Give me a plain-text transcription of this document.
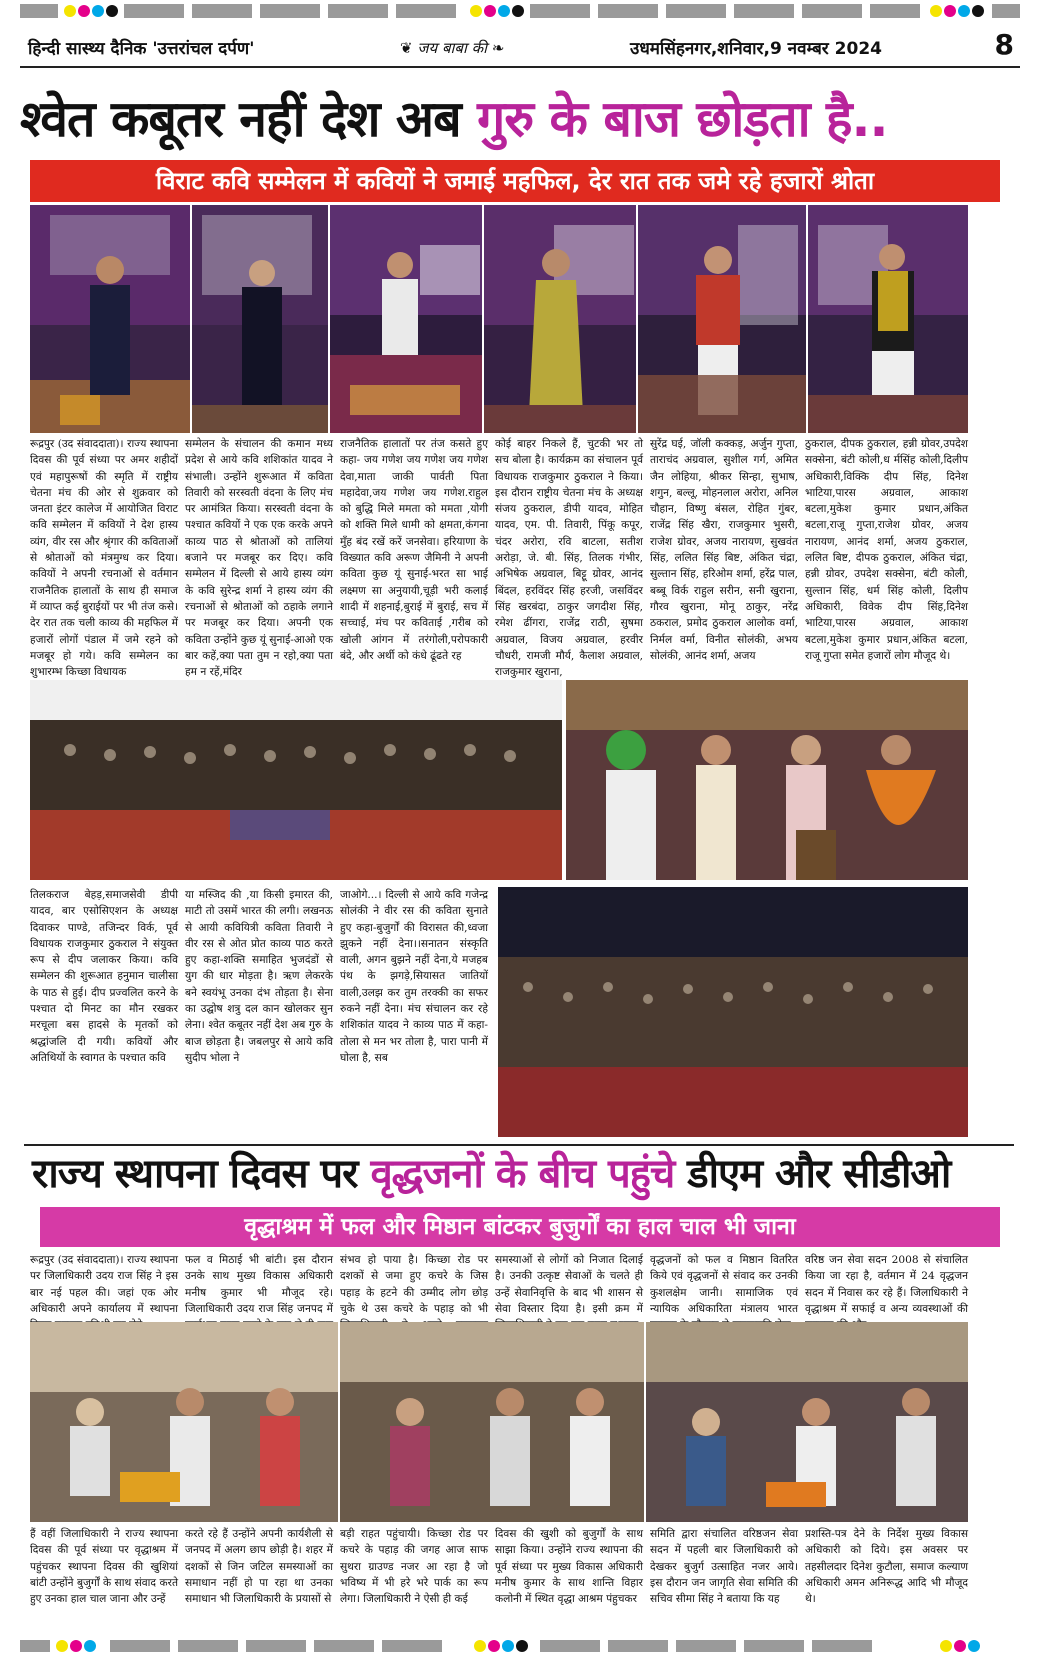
हिन्दी सास्थ्य दैनिक 'उत्तरांचल दर्पण'	❦ जय बाबा की ❧	उधमसिंहनगर,शनिवार,9 नवम्बर 2024	8
श्वेत कबूतर नहीं देश अब गुरु के बाज छोड़ता है..
विराट कवि सम्मेलन में कवियों ने जमाई महफिल, देर रात तक जमे रहे हजारों श्रोता
रूद्रपुर (उद संवाददाता)। राज्य स्थापना दिवस की पूर्व संध्या पर अमर शहीदों एवं महापुरूषों की स्मृति में राष्ट्रीय चेतना मंच की ओर से शुक्रवार को जनता इंटर कालेज में आयोजित विराट कवि सम्मेलन में कवियों ने देश हास्य व्यंग, वीर रस और श्रृंगार की कविताओं से श्रोताओं को मंत्रमुग्ध कर दिया। कवियों ने अपनी रचनाओं से वर्तमान राजनैतिक हालातों के साथ ही समाज में व्याप्त कई बुराईयों पर भी तंज कसे। देर रात तक चली काव्य की महफिल में हजारों लोगों पंडाल में जमे रहने को मजबूर हो गये। कवि सम्मेलन का शुभारम्भ किच्छा विधायक
सम्मेलन के संचालन की कमान मध्य प्रदेश से आये कवि शशिकांत यादव ने संभाली। उन्होंने शुरूआत में कविता तिवारी को सरस्वती वंदना के लिए मंच पर आमंत्रित किया। सरस्वती वंदना के पश्चात कवियों ने एक एक करके अपने काव्य पाठ से श्रोताओं को तालियां बजाने पर मजबूर कर दिए। कवि सम्मेलन में दिल्ली से आये हास्य व्यंग के कवि सुरेन्द्र शर्मा ने हास्य व्यंग की रचनाओं से श्रोताओं को ठहाके लगाने पर मजबूर कर दिया। अपनी एक कविता उन्होंने कुछ यूं सुनाई-आओ एक बार कहें,क्या पता तुम न रहो,क्या पता हम न रहें,मंदिर
राजनैतिक हालातों पर तंज कसते हुए कहा- जय गणेश जय गणेश जय गणेश देवा,माता जाकी पार्वती पिता महादेवा,जय गणेश जय गणेश.राहुल को बुद्धि मिले ममता को ममता ,योगी को शक्ति मिले धामी को क्षमता,कंगना मुँह बंद रखें करें जनसेवा। हरियाणा के विख्यात कवि अरूण जैमिनी ने अपनी कविता कुछ यूं सुनाई-भरत सा भाई लक्ष्मण सा अनुयायी,चूड़ी भरी कलाई शादी में शहनाई,बुराई में बुराई, सच में सच्चाई, मंच पर कविताई ,गरीब को खोली आंगन में तरंगोली,परोपकारी बंदे, और अर्थी को कंधे ढूंढते रह
कोई बाहर निकले हैं, चुटकी भर तो सच बोला है। कार्यक्रम का संचालन पूर्व विधायक राजकुमार ठुकराल ने किया। इस दौरान राष्ट्रीय चेतना मंच के अध्यक्ष संजय ठुकराल, डीपी यादव, मोहित यादव, एम. पी. तिवारी, पिंकू कपूर, चंदर अरोरा, रवि बाटला, सतीश अरोड़ा, जे. बी. सिंह, तिलक गंभीर, अभिषेक अग्रवाल, बिट्टू ग्रोवर, आनंद बिंदल, हरविंदर सिंह हरजी, जसविंदर सिंह खरबंदा, ठाकुर जगदीश सिंह, रमेश ढींगरा, राजेंद्र राठी, सुषमा अग्रवाल, विजय अग्रवाल, हरवीर चौधरी, रामजी मौर्य, कैलाश अग्रवाल, राजकुमार खुराना,
सुरेंद्र घई, जॉली कक्कड़, अर्जुन गुप्ता, ताराचंद अग्रवाल, सुशील गर्ग, अमित जैन लोहिया, श्रीकर सिन्हा, सुभाष, शगुन, बल्लू, मोहनलाल अरोरा, अनिल चौहान, विष्णु बंसल, रोहित गुंबर, राजेंद्र सिंह खैरा, राजकुमार भुसरी, राजेश ग्रोवर, अजय नारायण, सुखवंत सिंह, ललित सिंह बिष्ट, अंकित चंद्रा, सुल्तान सिंह, हरिओम शर्मा, हरेंद्र पाल, बब्बू विर्क राहुल सरीन, सनी खुराना, गौरव खुराना, मोनू ठाकुर, नरेंद्र ठकराल, प्रमोद ठुकराल आलोक वर्मा, निर्मल वर्मा, विनीत सोलंकी, अभय सोलंकी, आनंद शर्मा, अजय
ठुकराल, दीपक ठुकराल, हन्नी ग्रोवर,उपदेश सक्सेना, बंटी कोली,ध र्मसिंह कोली,दिलीप अधिकारी,विक्कि दीप सिंह, दिनेश भाटिया,पारस अग्रवाल, आकाश बटला,मुकेश कुमार प्रधान,अंकित बटला,राजू गुप्ता,राजेश ग्रोवर, अजय नारायण, आनंद शर्मा, अजय ठुकराल, ललित बिष्ट, दीपक ठुकराल, अंकित चंद्रा, हन्नी ग्रोवर, उपदेश सक्सेना, बंटी कोली, सुल्तान सिंह, धर्म सिंह कोली, दिलीप अधिकारी, विवेक दीप सिंह,दिनेश भाटिया,पारस अग्रवाल, आकाश बटला,मुकेश कुमार प्रधान,अंकित बटला, राजू गुप्ता समेत हजारों लोग मौजूद थे।
तिलकराज बेहड़,समाजसेवी डीपी यादव, बार एसोसिएशन के अध्यक्ष दिवाकर पाण्डे, तजिन्दर विर्क, पूर्व विधायक राजकुमार ठुकराल ने संयुक्त रूप से दीप जलाकर किया। कवि सम्मेलन की शुरूआत हनुमान चालीसा के पाठ से हुई। दीप प्रज्वलित करने के पश्चात दो मिनट का मौन रखकर मरचूला बस हादसे के मृतकों को श्रद्धांजलि दी गयी। कवियों और अतिथियों के स्वागत के पश्चात कवि
या मस्जिद की ,या किसी इमारत की, माटी तो उसमें भारत की लगी। लखनऊ से आयी कवियित्री कविता तिवारी ने वीर रस से ओत प्रोत काव्य पाठ करते हुए कहा-शक्ति समाहित भुजदंडों से युग की धार मोड़ता है। ऋण लेकरके बने स्वयंभू उनका दंभ तोड़ता है। सेना का उद्घोष शत्रु दल कान खोलकर सुन लेना। श्वेत कबूतर नहीं देश अब गुरु के बाज छोड़ता है। जबलपुर से आये कवि सुदीप भोला ने
जाओगे...। दिल्ली से आये कवि गजेन्द्र सोलंकी ने वीर रस की कविता सुनाते हुए कहा-बुजुर्गों की विरासत की,ध्वजा झुकने नहीं देना।।सनातन संस्कृति वाली, अगन बुझने नहीं देना,ये मजहब पंथ के झगड़े,सियासत जातियों वाली,उलझ कर तुम तरक्की का सफर रुकने नहीं देना। मंच संचालन कर रहे शशिकांत यादव ने काव्य पाठ में कहा-तोला से मन भर तोला है, पारा पानी में घोला है, सब
राज्य स्थापना दिवस पर वृद्धजनों के बीच पहुंचे डीएम और सीडीओ
वृद्धाश्रम में फल और मिष्ठान बांटकर बुजुर्गों का हाल चाल भी जाना
रूद्रपुर (उद संवाददाता)। राज्य स्थापना पर जिलाधिकारी उदय राज सिंह ने इस बार नई पहल की। जहां एक ओर अधिकारी अपने कार्यालय में स्थापना
फल व मिठाई भी बांटी। इस दौरान उनके साथ मुख्य विकास अधिकारी मनीष कुमार भी मौजूद रहे। जिलाधिकारी उदय राज सिंह जनपद में
संभव हो पाया है। किच्छा रोड पर दशकों से जमा हुए कचरे के जिस पहाड़ के हटने की उम्मीद लोग छोड़ चुके थे उस कचरे के पहाड़ को भी
समस्याओं से लोगों को निजात दिलाई है। उनकी उत्कृष्ट सेवाओं के चलते ही उन्हें सेवानिवृत्ति के बाद भी शासन से सेवा विस्तार दिया है। इसी क्रम में
वृद्धजनों को फल व मिष्ठान वितरित किये एवं वृद्धजनों से संवाद कर उनकी कुशलक्षेम जानी। सामाजिक एवं न्यायिक अधिकारिता मंत्रालय भारत
वरिष्ठ जन सेवा सदन 2008 से संचालित किया जा रहा है, वर्तमान में 24 वृद्धजन सदन में निवास कर रहे हैं। जिलाधिकारी ने वृद्धाश्रम में सफाई व अन्य व्यवस्थाओं की
हैं वहीं जिलाधिकारी ने राज्य स्थापना दिवस की पूर्व संध्या पर वृद्धाश्रम में पहुंचकर स्थापना दिवस की खुशियां बांटी उन्होंने बुजुर्गों के साथ संवाद करते हुए उनका हाल चाल जाना और उन्हें
करते रहे हैं उन्होंने अपनी कार्यशैली से जनपद में अलग छाप छोड़ी है। शहर में दशकों से जिन जटिल समस्याओं का समाधान नहीं हो पा रहा था उनका समाधान भी जिलाधिकारी के प्रयासों से
बड़ी राहत पहुंचायी। किच्छा रोड पर कचरे के पहाड़ की जगह आज साफ सुथरा ग्राउण्ड नजर आ रहा है जो भविष्य में भी हरे भरे पार्क का रूप लेगा। जिलाधिकारी ने ऐसी ही कई
दिवस की खुशी को बुजुर्गों के साथ साझा किया। उन्होंने राज्य स्थापना की पूर्व संध्या पर मुख्य विकास अधिकारी मनीष कुमार के साथ शान्ति विहार कलोनी में स्थित वृद्धा आश्रम पंहुचकर
समिति द्वारा संचालित वरिष्ठजन सेवा सदन में पहली बार जिलाधिकारी को देखकर बुजुर्ग उत्साहित नजर आये। इस दौरान जन जागृति सेवा समिति की सचिव सीमा सिंह ने बताया कि यह
प्रशस्ति-पत्र देने के निर्देश मुख्य विकास अधिकारी को दिये। इस अवसर पर तहसीलदार दिनेश कुटौला, समाज कल्याण अधिकारी अमन अनिरूद्ध आदि भी मौजूद थे।
